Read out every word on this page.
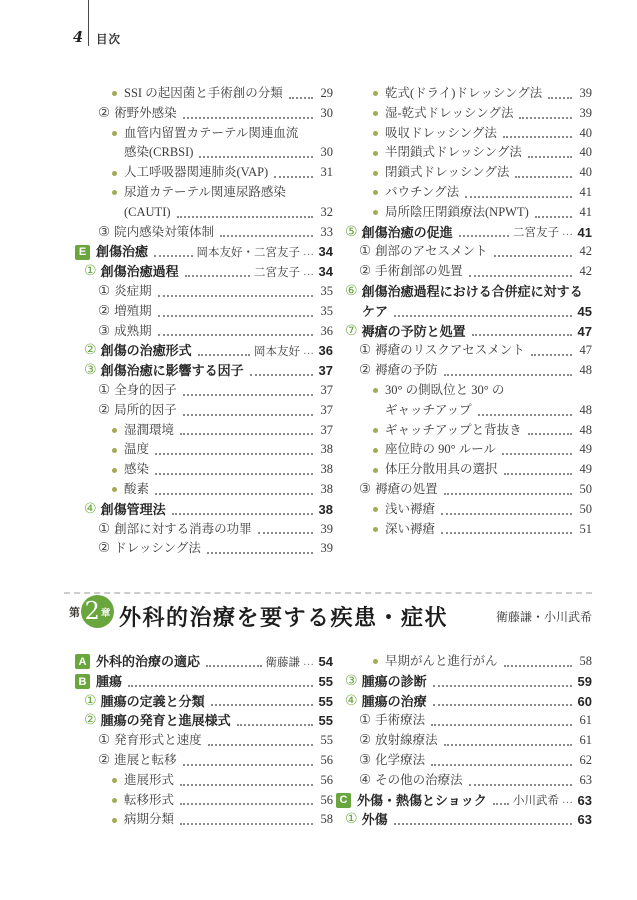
4 目次
SSI の起因菌と手術創の分類	29
② 術野外感染	30
血管内留置カテーテル関連血流
感染(CRBSI)	30
人工呼吸器関連肺炎(VAP)	31
尿道カテーテル関連尿路感染
(CAUTI)	32
③ 院内感染対策体制	33
E 創傷治癒	岡本友好・二宮友子 … 34
① 創傷治癒過程	二宮友子 … 34
① 炎症期	35
② 増殖期	35
③ 成熟期	36
② 創傷の治癒形式	岡本友好 … 36
③ 創傷治癒に影響する因子	37
① 全身的因子	37
② 局所的因子	37
湿潤環境	37
温度	38
感染	38
酸素	38
④ 創傷管理法	38
① 創部に対する消毒の功罪	39
② ドレッシング法	39
乾式(ドライ)ドレッシング法	39
湿-乾式ドレッシング法	39
吸収ドレッシング法	40
半閉鎖式ドレッシング法	40
閉鎖式ドレッシング法	40
パウチング法	41
局所陰圧閉鎖療法(NPWT)	41
⑤ 創傷治癒の促進	二宮友子 … 41
① 創部のアセスメント	42
② 手術創部の処置	42
⑥ 創傷治癒過程における合併症に対する
ケア	45
⑦ 褥瘡の予防と処置	47
① 褥瘡のリスクアセスメント	47
② 褥瘡の予防	48
30° の側臥位と 30° の
ギャッチアップ	48
ギャッチアップと背抜き	48
座位時の 90° ルール	49
体圧分散用具の選択	49
③ 褥瘡の処置	50
浅い褥瘡	50
深い褥瘡	51
第 2 章 外科的治療を要する疾患・症状	衛藤謙・小川武希
A 外科的治療の適応	衛藤謙 … 54
B 腫瘍	55
① 腫瘍の定義と分類	55
② 腫瘍の発育と進展様式	55
① 発育形式と速度	55
② 進展と転移	56
進展形式	56
転移形式	56
病期分類	58
早期がんと進行がん	58
③ 腫瘍の診断	59
④ 腫瘍の治療	60
① 手術療法	61
② 放射線療法	61
③ 化学療法	62
④ その他の治療法	63
C 外傷・熱傷とショック 小川武希 … 63
① 外傷	63
